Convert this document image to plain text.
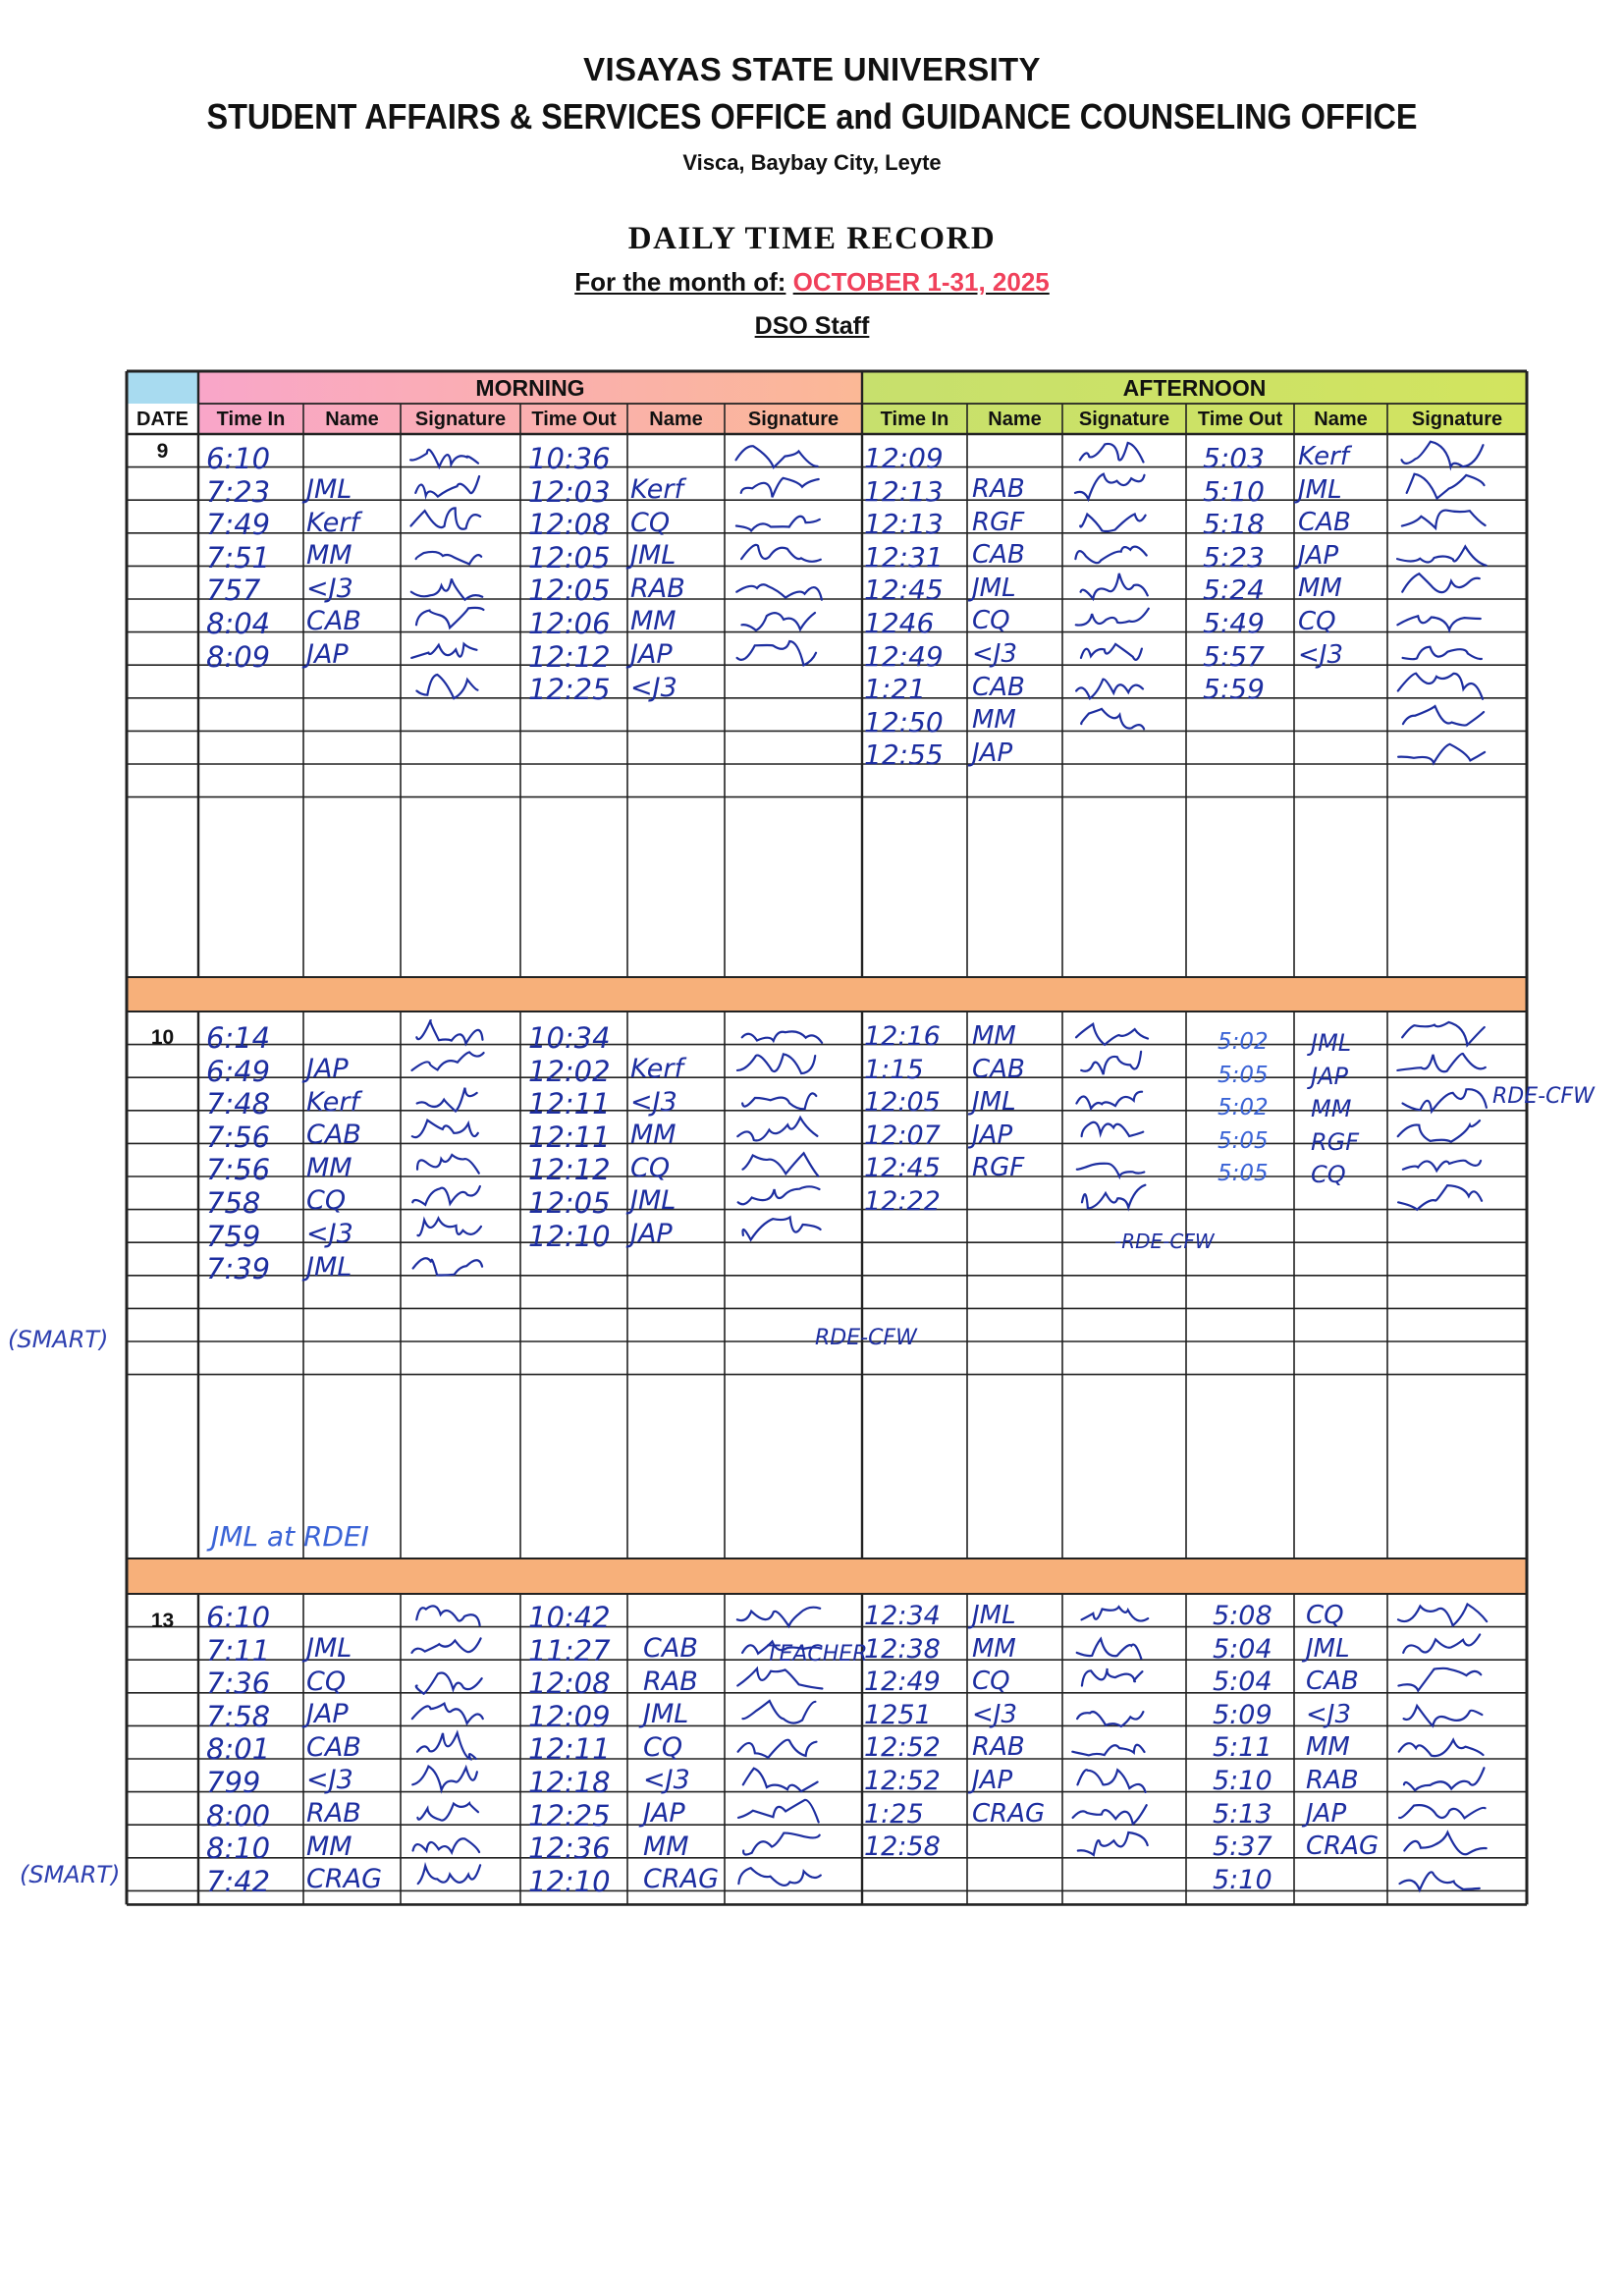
VISAYAS STATE UNIVERSITY
STUDENT AFFAIRS & SERVICES OFFICE and GUIDANCE COUNSELING OFFICE
Visca, Baybay City, Leyte
DAILY TIME RECORD
For the month of: OCTOBER 1-31, 2025
DSO Staff
MORNING	AFTERNOON
DATE Time In Name Signature Time Out Name Signature Time In Name Signature Time Out Name Signature
9
10
13
6:10
7:23
7:49
7:51
757
8:04
8:09
JML
Kerf
MM
<J3
CAB
JAP
10:36
12:03
12:08
12:05
12:05
12:06
12:12
12:25
Kerf
CQ
JML
RAB
MM
JAP
<J3
12:09
12:13
12:13
12:31
12:45
1246
12:49
1:21
12:50
12:55
RAB
RGF
CAB
JML
CQ
<J3
CAB
MM
JAP
5:03
5:10
5:18
5:23
5:24
5:49
5:57
5:59
Kerf
JML
CAB
JAP
MM
CQ
<J3
6:14
6:49
7:48
7:56
7:56
758
759
7:39
JAP
Kerf
CAB
MM
CQ
<J3
JML
10:34
12:02
12:11
12:11
12:12
12:05
12:10
Kerf
<J3
MM
CQ
JML
JAP
12:16
1:15
12:05
12:07
12:45
12:22
MM
CAB
JML
JAP
RGF
5:02
5:05
5:02
5:05
5:05
JML
JAP
MM
RGF
CQ
6:10
7:11
7:36
7:58
8:01
799
8:00
8:10
7:42
JML
CQ
JAP
CAB
<J3
RAB
MM
CRAG
10:42
11:27
12:08
12:09
12:11
12:18
12:25
12:36
12:10
CAB
RAB
JML
CQ
<J3
JAP
MM
CRAG
12:34
12:38
12:49
1251
12:52
12:52
1:25
12:58
JML
MM
CQ
<J3
RAB
JAP
CRAG
5:08
5:04
5:04
5:09
5:11
5:10
5:13
5:37
5:10
CQ
JML
CAB
<J3
MM
RAB
JAP
CRAG
(SMART)
(SMART)
RDE-CFW
-RDE-CFW
RDE-CFW
JML at RDEI
TEACHER
